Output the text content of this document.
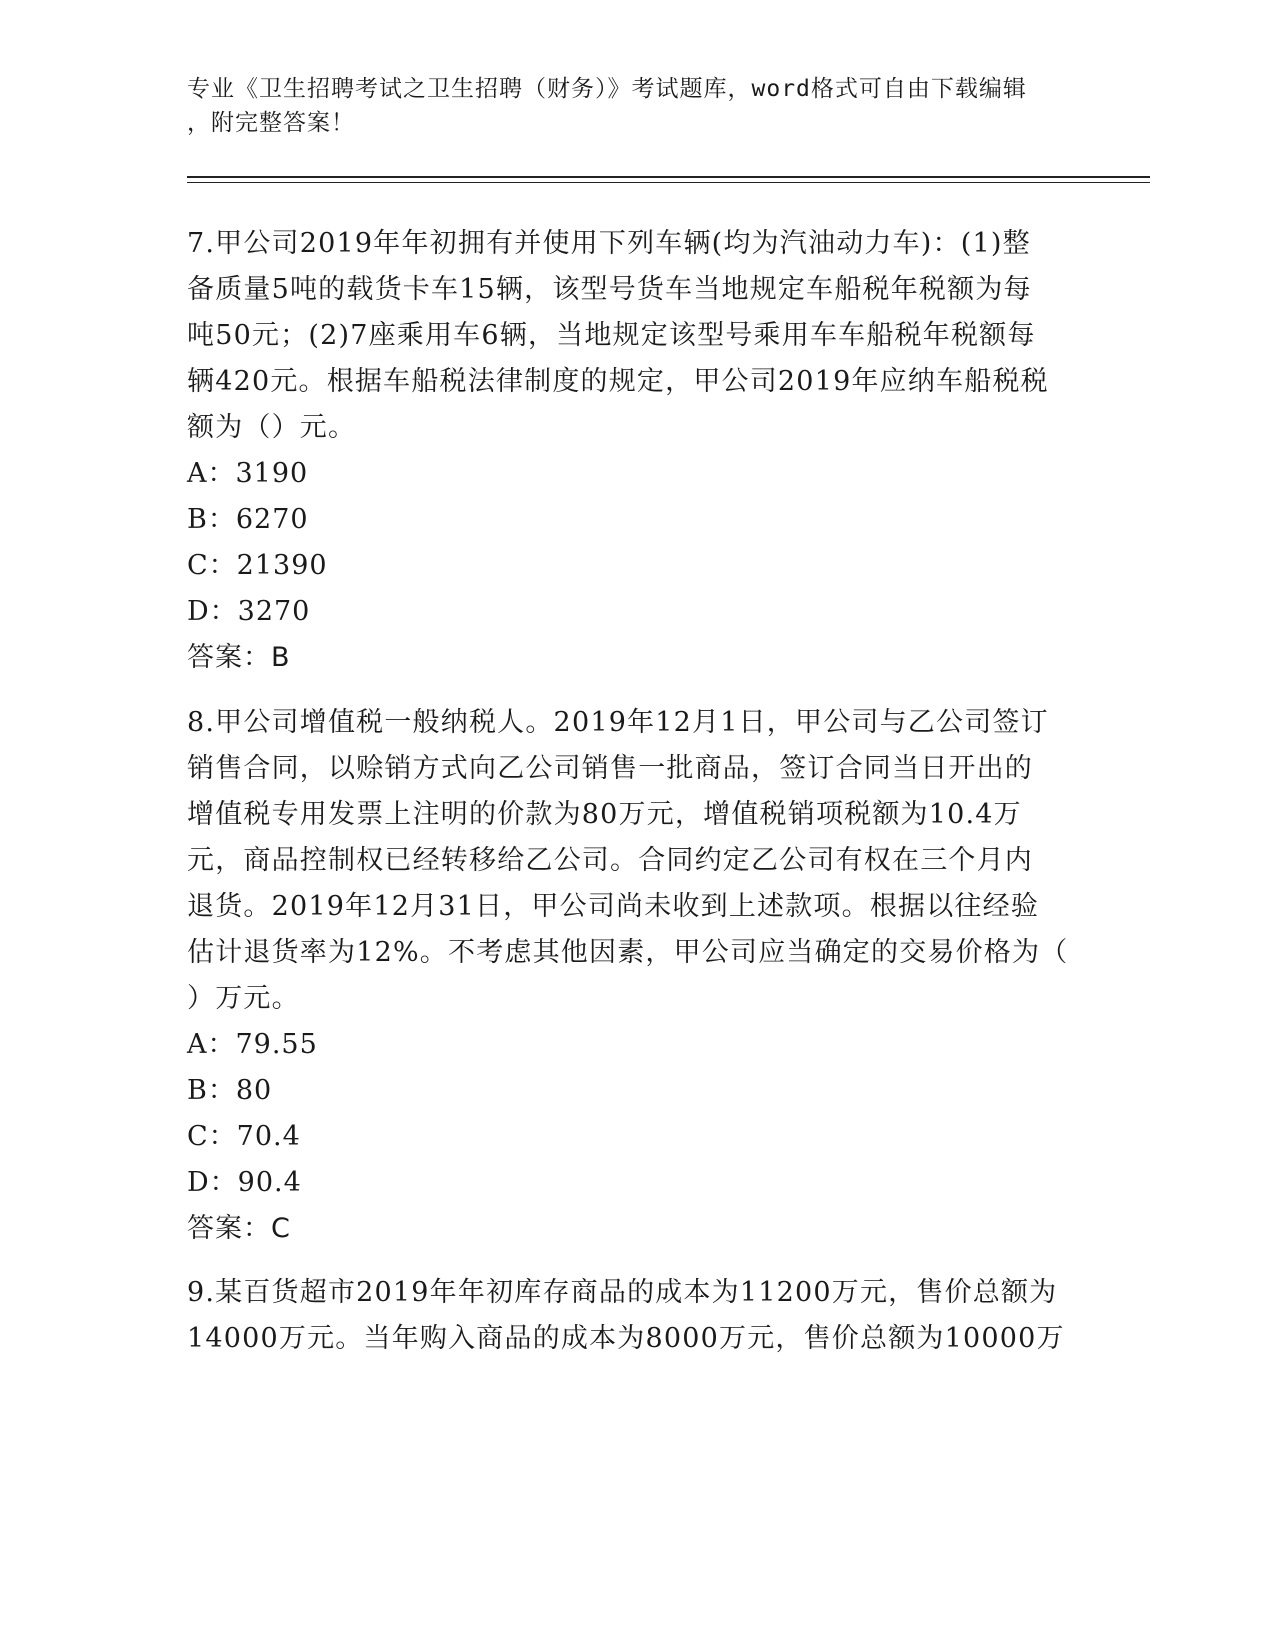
专业《卫生招聘考试之卫生招聘（财务）》考试题库，word格式可自由下载编辑
，附完整答案！
7.甲公司2019年年初拥有并使用下列车辆(均为汽油动力车)：(1)整
备质量5吨的载货卡车15辆，该型号货车当地规定车船税年税额为每
吨50元；(2)7座乘用车6辆，当地规定该型号乘用车车船税年税额每
辆420元。根据车船税法律制度的规定，甲公司2019年应纳车船税税
额为（）元。
A：3190
B：6270
C：21390
D：3270
答案：B
8.甲公司增值税一般纳税人。2019年12月1日，甲公司与乙公司签订
销售合同，以赊销方式向乙公司销售一批商品，签订合同当日开出的
增值税专用发票上注明的价款为80万元，增值税销项税额为10.4万
元，商品控制权已经转移给乙公司。合同约定乙公司有权在三个月内
退货。2019年12月31日，甲公司尚未收到上述款项。根据以往经验
估计退货率为12%。不考虑其他因素，甲公司应当确定的交易价格为（
）万元。
A：79.55
B：80
C：70.4
D：90.4
答案：C
9.某百货超市2019年年初库存商品的成本为11200万元，售价总额为
14000万元。当年购入商品的成本为8000万元，售价总额为10000万
